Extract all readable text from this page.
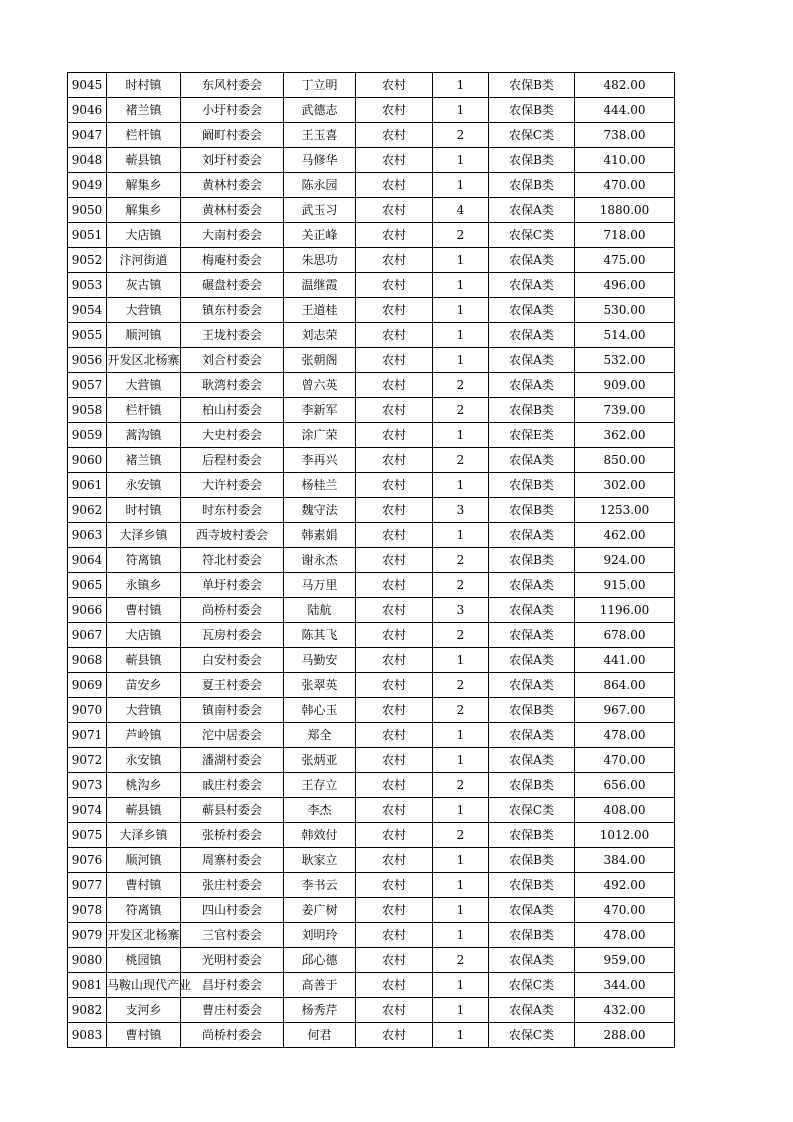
9045	时村镇	东风村委会	丁立明	农村	1	农保B类	482.00
9046	褚兰镇	小圩村委会	武德志	农村	1	农保B类	444.00
9047	栏杆镇	阚町村委会	王玉喜	农村	2	农保C类	738.00
9048	蕲县镇	刘圩村委会	马修华	农村	1	农保B类	410.00
9049	解集乡	黄林村委会	陈永园	农村	1	农保B类	470.00
9050	解集乡	黄林村委会	武玉习	农村	4	农保A类	1880.00
9051	大店镇	大南村委会	关正峰	农村	2	农保C类	718.00
9052	汴河街道	梅庵村委会	朱思功	农村	1	农保A类	475.00
9053	灰古镇	碾盘村委会	温继霞	农村	1	农保A类	496.00
9054	大营镇	镇东村委会	王道桂	农村	1	农保A类	530.00
9055	顺河镇	王垅村委会	刘志荣	农村	1	农保A类	514.00
9056	开发区北杨寨	刘合村委会	张朝阁	农村	1	农保A类	532.00
9057	大营镇	耿湾村委会	曾六英	农村	2	农保A类	909.00
9058	栏杆镇	柏山村委会	李新军	农村	2	农保B类	739.00
9059	蒿沟镇	大史村委会	涂广荣	农村	1	农保E类	362.00
9060	褚兰镇	后程村委会	李再兴	农村	2	农保A类	850.00
9061	永安镇	大许村委会	杨桂兰	农村	1	农保B类	302.00
9062	时村镇	时东村委会	魏守法	农村	3	农保B类	1253.00
9063	大泽乡镇	西寺坡村委会	韩素娟	农村	1	农保A类	462.00
9064	符离镇	符北村委会	谢永杰	农村	2	农保B类	924.00
9065	永镇乡	单圩村委会	马万里	农村	2	农保A类	915.00
9066	曹村镇	尚桥村委会	陆航	农村	3	农保A类	1196.00
9067	大店镇	瓦房村委会	陈其飞	农村	2	农保A类	678.00
9068	蕲县镇	白安村委会	马勤安	农村	1	农保A类	441.00
9069	苗安乡	夏王村委会	张翠英	农村	2	农保A类	864.00
9070	大营镇	镇南村委会	韩心玉	农村	2	农保B类	967.00
9071	芦岭镇	沱中居委会	郑全	农村	1	农保A类	478.00
9072	永安镇	潘湖村委会	张炳亚	农村	1	农保A类	470.00
9073	桃沟乡	戚庄村委会	王存立	农村	2	农保B类	656.00
9074	蕲县镇	蕲县村委会	李杰	农村	1	农保C类	408.00
9075	大泽乡镇	张桥村委会	韩效付	农村	2	农保B类	1012.00
9076	顺河镇	周寨村委会	耿家立	农村	1	农保B类	384.00
9077	曹村镇	张庄村委会	李书云	农村	1	农保B类	492.00
9078	符离镇	四山村委会	姜广树	农村	1	农保A类	470.00
9079	开发区北杨寨	三官村委会	刘明玲	农村	1	农保B类	478.00
9080	桃园镇	光明村委会	邱心德	农村	2	农保A类	959.00
9081	马鞍山现代产业	昌圩村委会	高善于	农村	1	农保C类	344.00
9082	支河乡	曹庄村委会	杨秀芹	农村	1	农保A类	432.00
9083	曹村镇	尚桥村委会	何君	农村	1	农保C类	288.00
